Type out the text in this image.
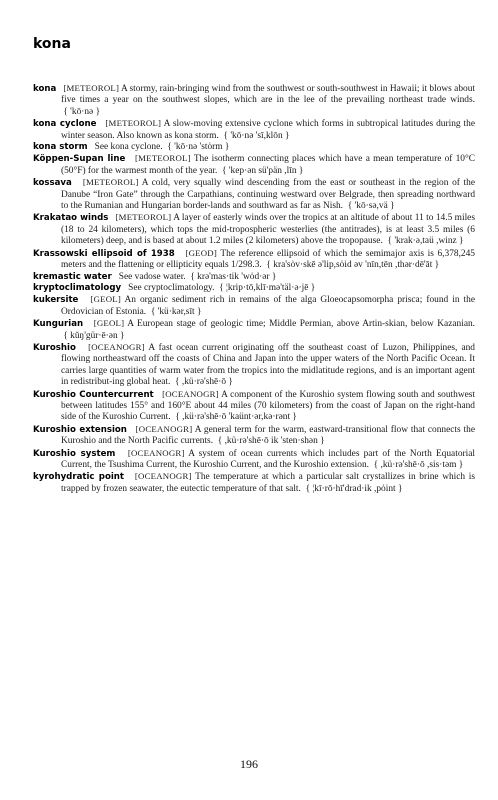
kona

kona [METEOROL] A stormy, rain-bringing wind from the southwest or south-southwest in Hawaii; it blows about five times a year on the southwest slopes, which are in the lee of the prevailing northeast trade winds.  { 'kō·nə }

kona cyclone [METEOROL] A slow-moving extensive cyclone which forms in subtropical latitudes during the winter season. Also known as kona storm. { 'kō·nə 'sī,klōn }

kona storm See kona cyclone. { 'kō·nə 'stȯrm }

Köppen-Supan line [METEOROL] The isotherm connecting places which have a mean temperature of 10°C (50°F) for the warmest month of the year. { 'kep·ən sü'pän ,līn }

kossava [METEOROL] A cold, very squally wind descending from the east or southeast in the region of the Danube “Iron Gate” through the Carpathians, continuing westward over Belgrade, then spreading northward to the Rumanian and Hungarian border-lands and southward as far as Nish. { 'kō·sə,vä }

Krakatao winds [METEOROL] A layer of easterly winds over the tropics at an altitude of about 11 to 14.5 miles (18 to 24 kilometers), which tops the mid-tropospheric westerlies (the antitrades), is at least 3.5 miles (6 kilometers) deep, and is based at about 1.2 miles (2 kilometers) above the tropopause. { 'krak·ə,taü ,winz }

Krassowski ellipsoid of 1938 [GEOD] The reference ellipsoid of which the semimajor axis is 6,378,245 meters and the flattening or ellipticity equals 1/298.3. { kra'sȯv·skē ə'lip,sȯid əv 'nīn,tēn ,thər·dē'āt }

kremastic water See vadose water. { krə'mas·tik 'wȯd·ər }

kryptoclimatology See cryptoclimatology. { ¦krip·tō,klī·mə'täl·ə·jē }

kukersite [GEOL] An organic sediment rich in remains of the alga Gloeocapsomorpha prisca; found in the Ordovician of Estonia. { 'kü·kər,sīt }

Kungurian [GEOL] A European stage of geologic time; Middle Permian, above Artin-skian, below Kazanian.  { kŭŋ'gür·ē·ən }

Kuroshio [OCEANOGR] A fast ocean current originating off the southeast coast of Luzon, Philippines, and flowing northeastward off the coasts of China and Japan into the upper waters of the North Pacific Ocean. It carries large quantities of warm water from the tropics into the midlatitude regions, and is an important agent in redistribut-ing global heat. { ,kü·rə'shē·ō }

Kuroshio Countercurrent [OCEANOGR] A component of the Kuroshio system flowing south and southwest between latitudes 155° and 160°E about 44 miles (70 kilometers) from the coast of Japan on the right-hand side of the Kuroshio Current. { ,kü·rə'shē·ō 'kaünt·ər,kə·rənt }

Kuroshio extension [OCEANOGR] A general term for the warm, eastward-transitional flow that connects the Kuroshio and the North Pacific currents. { ,kü·rə'shē·ō ik 'sten·shən }

Kuroshio system [OCEANOGR] A system of ocean currents which includes part of the North Equatorial Current, the Tsushima Current, the Kuroshio Current, and the Kuroshio extension. { ,kü·rə'shē·ō ,sis·təm }

kyrohydratic point [OCEANOGR] The temperature at which a particular salt crystallizes in brine which is trapped by frozen seawater, the eutectic temperature of that salt. { ¦kī·rō·hī'drad·ik ,pȯint }

196
